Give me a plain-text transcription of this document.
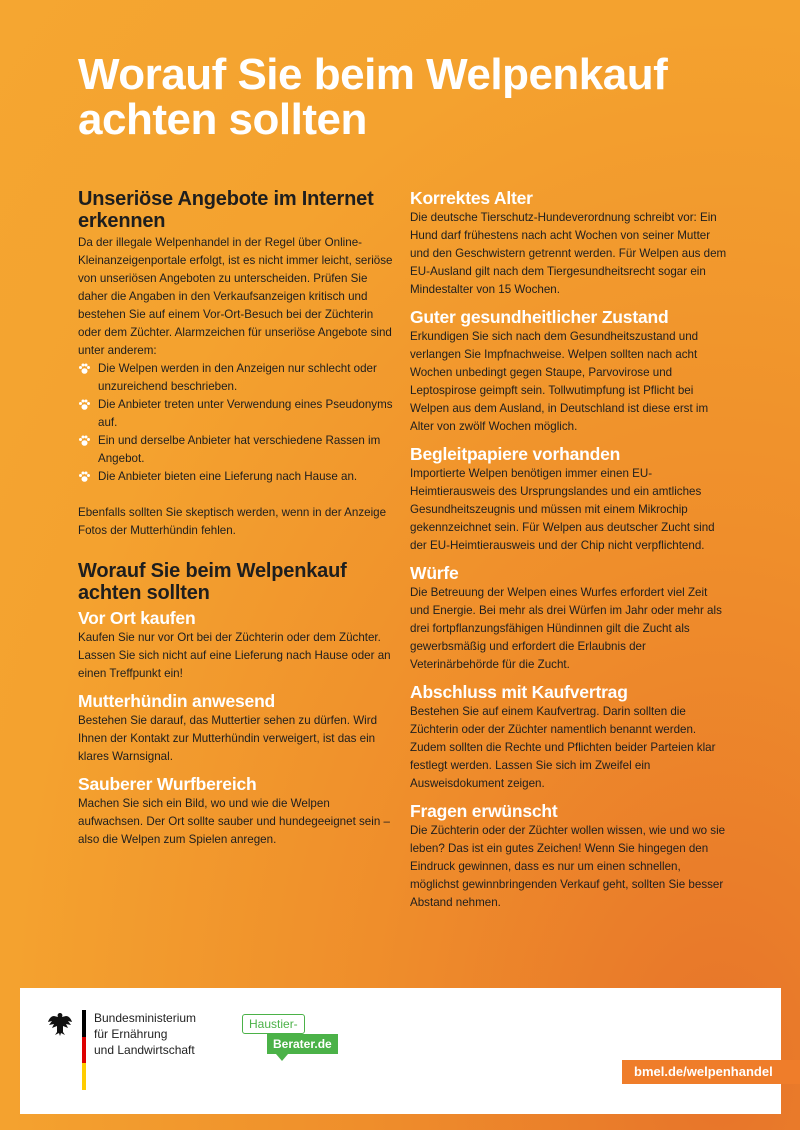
Worauf Sie beim Welpenkauf achten sollten
Unseriöse Angebote im Internet erkennen

Da der illegale Welpenhandel in der Regel über Online-Kleinanzeigenportale erfolgt, ist es nicht immer leicht, seriöse von unseriösen Angeboten zu unterscheiden. Prüfen Sie daher die Angaben in den Verkaufsanzeigen kritisch und bestehen Sie auf einem Vor-Ort-Besuch bei der Züchterin oder dem Züchter. Alarmzeichen für unseriöse Angebote sind unter anderem:

Die Welpen werden in den Anzeigen nur schlecht oder unzureichend beschrieben.
Die Anbieter treten unter Verwendung eines Pseudonyms auf.
Ein und derselbe Anbieter hat verschiedene Rassen im Angebot.
Die Anbieter bieten eine Lieferung nach Hause an.

Ebenfalls sollten Sie skeptisch werden, wenn in der Anzeige Fotos der Mutterhündin fehlen.

Worauf Sie beim Welpenkauf achten sollten
Vor Ort kaufen

Kaufen Sie nur vor Ort bei der Züchterin oder dem Züchter. Lassen Sie sich nicht auf eine Lieferung nach Hause oder an einen Treffpunkt ein!

Mutterhündin anwesend

Bestehen Sie darauf, das Muttertier sehen zu dürfen. Wird Ihnen der Kontakt zur Mutterhündin verweigert, ist das ein klares Warnsignal.

Sauberer Wurfbereich

Machen Sie sich ein Bild, wo und wie die Welpen aufwachsen. Der Ort sollte sauber und hundegeeignet sein – also die Welpen zum Spielen anregen.

Korrektes Alter

Die deutsche Tierschutz-Hundeverordnung schreibt vor: Ein Hund darf frühestens nach acht Wochen von seiner Mutter und den Geschwistern getrennt werden. Für Welpen aus dem EU-Ausland gilt nach dem Tiergesundheitsrecht sogar ein Mindestalter von 15 Wochen.

Guter gesundheitlicher Zustand

Erkundigen Sie sich nach dem Gesundheitszustand und verlangen Sie Impfnachweise. Welpen sollten nach acht Wochen unbedingt gegen Staupe, Parvovirose und Leptospirose geimpft sein. Tollwutimpfung ist Pflicht bei Welpen aus dem Ausland, in Deutschland ist diese erst im Alter von zwölf Wochen möglich.

Begleitpapiere vorhanden

Importierte Welpen benötigen immer einen EU-Heimtierausweis des Ursprungslandes und ein amtliches Gesundheitszeugnis und müssen mit einem Mikrochip gekennzeichnet sein. Für Welpen aus deutscher Zucht sind der EU-Heimtierausweis und der Chip nicht verpflichtend.

Würfe

Die Betreuung der Welpen eines Wurfes erfordert viel Zeit und Energie. Bei mehr als drei Würfen im Jahr oder mehr als drei fortpflanzungsfähigen Hündinnen gilt die Zucht als gewerbsmäßig und erfordert die Erlaubnis der Veterinärbehörde für die Zucht.

Abschluss mit Kaufvertrag

Bestehen Sie auf einem Kaufvertrag. Darin sollten die Züchterin oder der Züchter namentlich benannt werden. Zudem sollten die Rechte und Pflichten beider Parteien klar festlegt werden. Lassen Sie sich im Zweifel ein Ausweisdokument zeigen.

Fragen erwünscht

Die Züchterin oder der Züchter wollen wissen, wie und wo sie leben? Das ist ein gutes Zeichen! Wenn Sie hingegen den Eindruck gewinnen, dass es nur um einen schnellen, möglichst gewinnbringenden Verkauf geht, sollten Sie besser Abstand nehmen.

Bundesministerium
für Ernährung
und Landwirtschaft

Haustier-
Berater.de
bmel.de/welpenhandel
